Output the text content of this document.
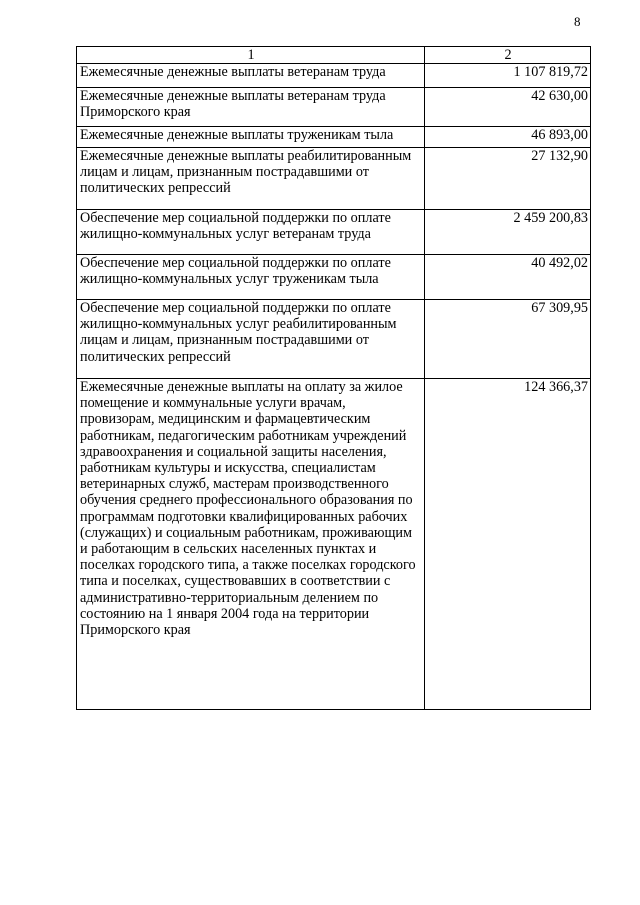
8
1	2
Ежемесячные денежные выплаты ветеранам труда	1 107 819,72
Ежемесячные денежные выплаты ветеранам труда Приморского края	42 630,00
Ежемесячные денежные выплаты труженикам тыла	46 893,00
Ежемесячные денежные выплаты реабилитированным лицам и лицам, признанным пострадавшими от политических репрессий	27 132,90
Обеспечение мер социальной поддержки по оплате жилищно-коммунальных услуг ветеранам труда	2 459 200,83
Обеспечение мер социальной поддержки по оплате жилищно-коммунальных услуг труженикам тыла	40 492,02
Обеспечение мер социальной поддержки по оплате жилищно-коммунальных услуг реабилитированным лицам и лицам, признанным пострадавшими от политических репрессий	67 309,95
Ежемесячные денежные выплаты на оплату за жилое помещение и коммунальные услуги врачам, провизорам, медицинским и фармацевтическим работникам, педагогическим работникам учреждений здравоохранения и социальной защиты населения, работникам культуры и искусства, специалистам ветеринарных служб, мастерам производственного обучения среднего профессионального образования по программам подготовки квалифицированных рабочих (служащих) и социальным работникам, проживающим и работающим в сельских населенных пунктах и поселках городского типа, а также поселках городского типа и поселках, существовавших в соответствии с административно-территориальным делением по состоянию на 1 января 2004 года на территории Приморского края	124 366,37
